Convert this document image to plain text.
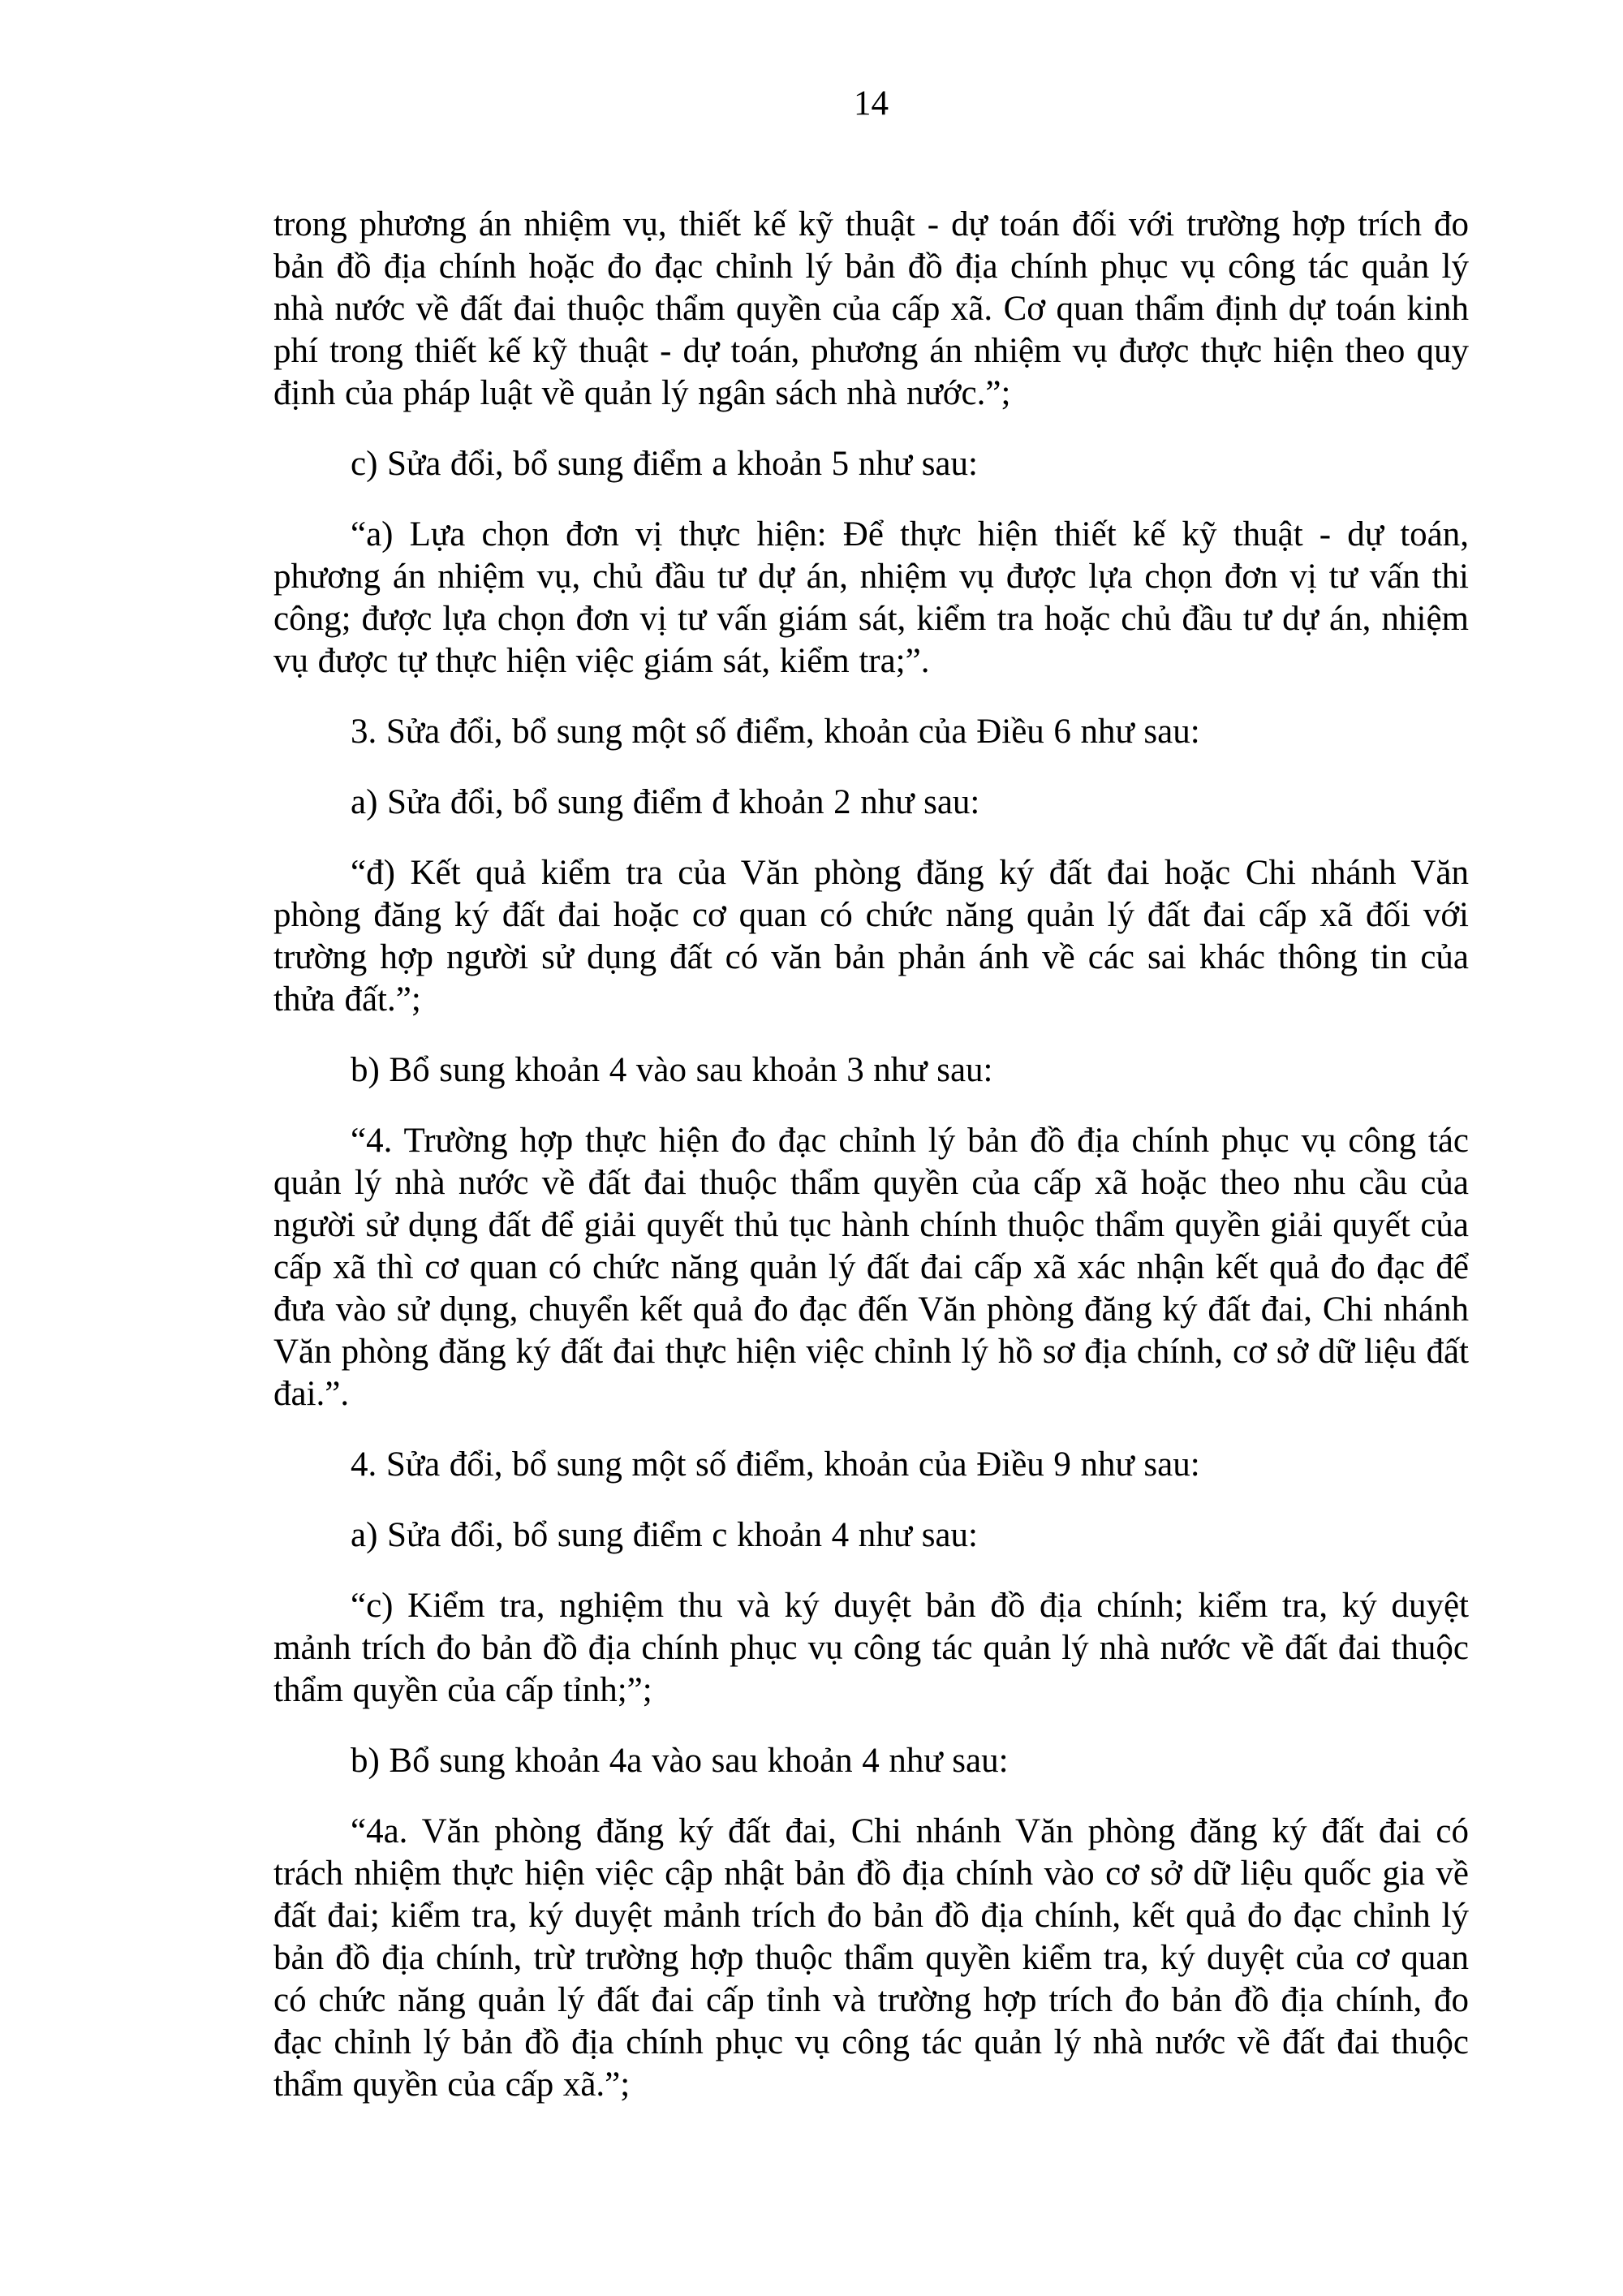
14

trong phương án nhiệm vụ, thiết kế kỹ thuật - dự toán đối với trường hợp trích đo bản đồ địa chính hoặc đo đạc chỉnh lý bản đồ địa chính phục vụ công tác quản lý nhà nước về đất đai thuộc thẩm quyền của cấp xã. Cơ quan thẩm định dự toán kinh phí trong thiết kế kỹ thuật - dự toán, phương án nhiệm vụ được thực hiện theo quy định của pháp luật về quản lý ngân sách nhà nước.”;

c) Sửa đổi, bổ sung điểm a khoản 5 như sau:

“a) Lựa chọn đơn vị thực hiện: Để thực hiện thiết kế kỹ thuật - dự toán, phương án nhiệm vụ, chủ đầu tư dự án, nhiệm vụ được lựa chọn đơn vị tư vấn thi công; được lựa chọn đơn vị tư vấn giám sát, kiểm tra hoặc chủ đầu tư dự án, nhiệm vụ được tự thực hiện việc giám sát, kiểm tra;”.

3. Sửa đổi, bổ sung một số điểm, khoản của Điều 6 như sau:

a) Sửa đổi, bổ sung điểm đ khoản 2 như sau:

“đ) Kết quả kiểm tra của Văn phòng đăng ký đất đai hoặc Chi nhánh Văn phòng đăng ký đất đai hoặc cơ quan có chức năng quản lý đất đai cấp xã đối với trường hợp người sử dụng đất có văn bản phản ánh về các sai khác thông tin của thửa đất.”;

b) Bổ sung khoản 4 vào sau khoản 3 như sau:

“4. Trường hợp thực hiện đo đạc chỉnh lý bản đồ địa chính phục vụ công tác quản lý nhà nước về đất đai thuộc thẩm quyền của cấp xã hoặc theo nhu cầu của người sử dụng đất để giải quyết thủ tục hành chính thuộc thẩm quyền giải quyết của cấp xã thì cơ quan có chức năng quản lý đất đai cấp xã xác nhận kết quả đo đạc để đưa vào sử dụng, chuyển kết quả đo đạc đến Văn phòng đăng ký đất đai, Chi nhánh Văn phòng đăng ký đất đai thực hiện việc chỉnh lý hồ sơ địa chính, cơ sở dữ liệu đất đai.”.

4. Sửa đổi, bổ sung một số điểm, khoản của Điều 9 như sau:

a) Sửa đổi, bổ sung điểm c khoản 4 như sau:

“c) Kiểm tra, nghiệm thu và ký duyệt bản đồ địa chính; kiểm tra, ký duyệt mảnh trích đo bản đồ địa chính phục vụ công tác quản lý nhà nước về đất đai thuộc thẩm quyền của cấp tỉnh;”;

b) Bổ sung khoản 4a vào sau khoản 4 như sau:

“4a. Văn phòng đăng ký đất đai, Chi nhánh Văn phòng đăng ký đất đai có trách nhiệm thực hiện việc cập nhật bản đồ địa chính vào cơ sở dữ liệu quốc gia về đất đai; kiểm tra, ký duyệt mảnh trích đo bản đồ địa chính, kết quả đo đạc chỉnh lý bản đồ địa chính, trừ trường hợp thuộc thẩm quyền kiểm tra, ký duyệt của cơ quan có chức năng quản lý đất đai cấp tỉnh và trường hợp trích đo bản đồ địa chính, đo đạc chỉnh lý bản đồ địa chính phục vụ công tác quản lý nhà nước về đất đai thuộc thẩm quyền của cấp xã.”;
